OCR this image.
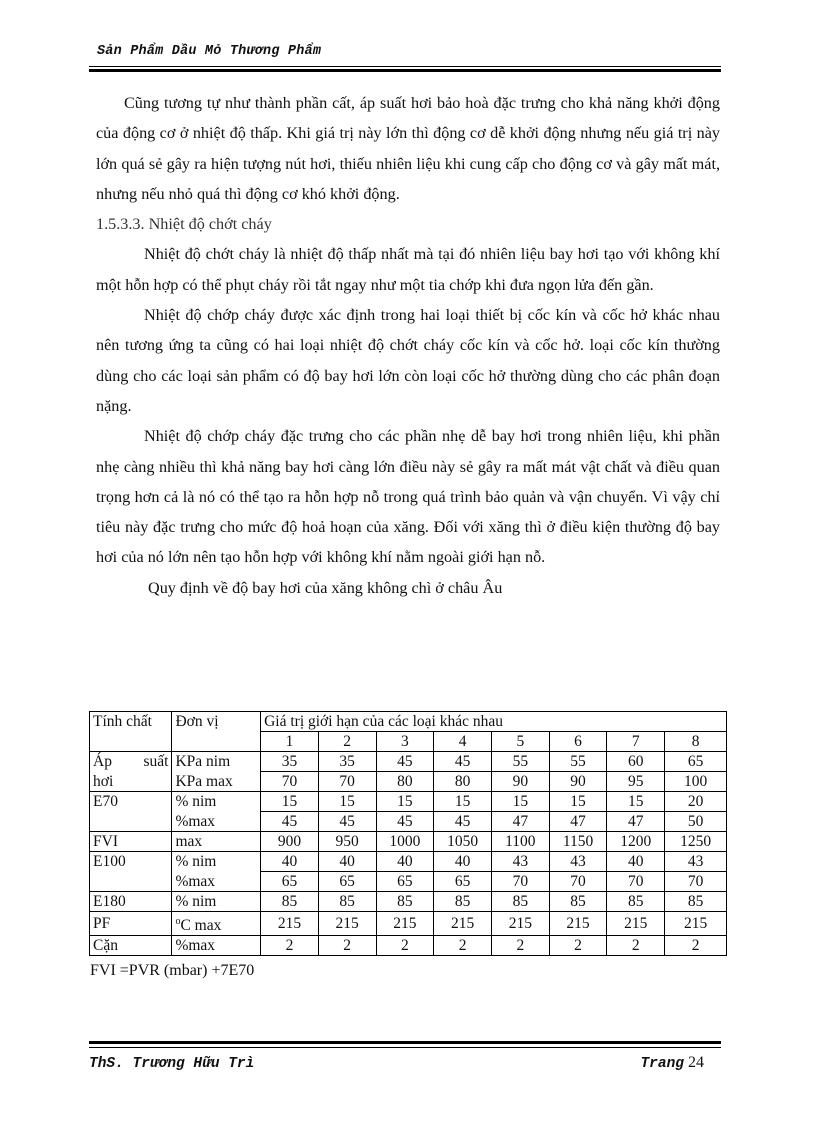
Sản Phẩm Dầu Mỏ Thương Phẩm

Cũng tương tự như thành phần cất, áp suất hơi bảo hoà đặc trưng cho khả năng khởi động của động cơ ở nhiệt độ thấp. Khi giá trị này lớn thì động cơ dễ khởi động nhưng nếu giá trị này lớn quá sẻ gây ra hiện tượng nút hơi, thiếu nhiên liệu khi cung cấp cho động cơ và gây mất mát, nhưng nếu nhỏ quá thì động cơ khó khởi động.

1.5.3.3. Nhiệt độ chớt cháy

Nhiệt độ chớt cháy là nhiệt độ thấp nhất mà tại đó nhiên liệu bay hơi tạo với không khí một hỗn hợp có thể phụt cháy rồi tắt ngay như một tia chớp khi đưa ngọn lửa đến gần.

Nhiệt độ chớp cháy được xác định trong hai loại thiết bị cốc kín và cốc hở khác nhau nên tương ứng ta cũng có hai loại nhiệt độ chớt cháy cốc kín và cốc hở. loại cốc kín thường dùng cho các loại sản phẩm có độ bay hơi lớn còn loại cốc hở thường dùng cho các phân đoạn nặng.

Nhiệt độ chớp cháy đặc trưng cho các phần nhẹ dễ bay hơi trong nhiên liệu, khi phần nhẹ càng nhiều thì khả năng bay hơi càng lớn điều này sẻ gây ra mất mát vật chất và điều quan trọng hơn cả là nó có thể tạo ra hỗn hợp nỗ trong quá trình bảo quản và vận chuyển. Vì vậy chỉ tiêu này đặc trưng cho mức độ hoả hoạn của xăng. Đối với xăng thì ở điều kiện thường độ bay hơi của nó lớn nên tạo hỗn hợp với không khí nằm ngoài giới hạn nỗ.

Quy định về độ bay hơi của xăng không chì ở châu Âu

Tính chất	Đơn vị	Giá trị giới hạn của các loại khác nhau							
		1	2	3	4	5	6	7	8
Áp suất	KPa nim	35	35	45	45	55	55	60	65
hơi	KPa max	70	70	80	80	90	90	95	100
E70	% nim	15	15	15	15	15	15	15	20
	%max	45	45	45	45	47	47	47	50
FVI	max	900	950	1000	1050	1100	1150	1200	1250
E100	% nim	40	40	40	40	43	43	40	43
	%max	65	65	65	65	70	70	70	70
E180	% nim	85	85	85	85	85	85	85	85
PF	$^o$C max	215	215	215	215	215	215	215	215
Cặn	%max	2	2	2	2	2	2	2	2
FVI =PVR (mbar) +7E70
ThS. Trương Hữu Trì	Trang 24
